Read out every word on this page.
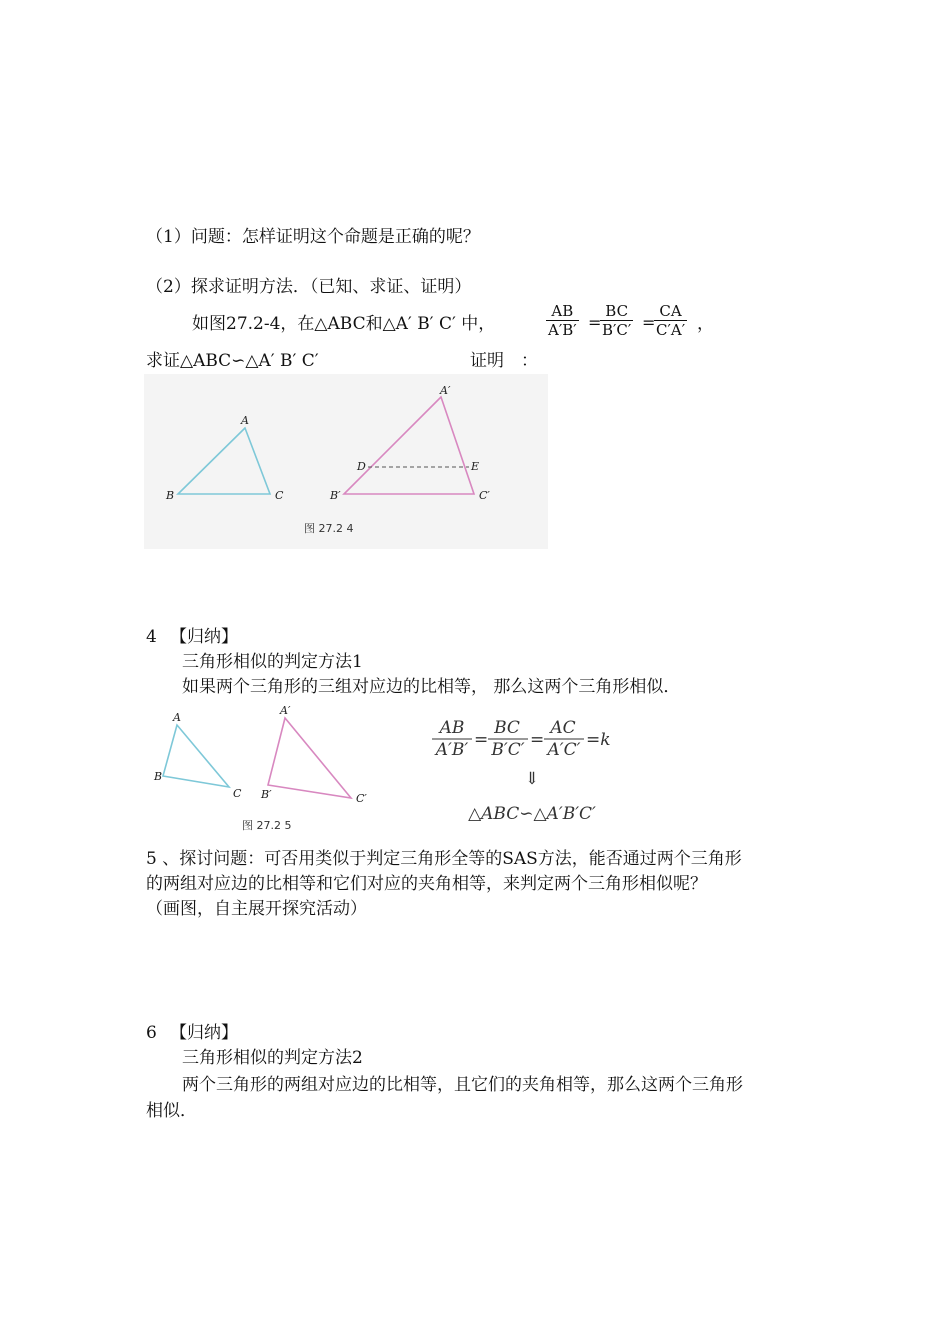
（1）问题：怎样证明这个命题是正确的呢？
（2）探求证明方法．（已知、求证、证明）
如图27.2-4，在△ABC和△A′ B′ C′ 中，	$\frac{AB}{A'B'}$ =
$\frac{BC}{B'C'}$ =
$\frac{CA}{C'A'}$ ，
求证△ABC∽△A′ B′ C′	证明　：
A
B	C
A′
B′	C′
D	E
图 27.2 4
4 【归纳】
三角形相似的判定方法1
如果两个三角形的三组对应边的比相等， 那么这两个三角形相似．
A
B
C
A′
B′	C′
图 27.2 5
AB
A′B′ =
BC
B′C′ =
AC
A′C′ =k
⇓
△ABC∽△A′B′C′
5 、探讨问题：可否用类似于判定三角形全等的SAS方法，能否通过两个三角形
的两组对应边的比相等和它们对应的夹角相等，来判定两个三角形相似呢？
（画图，自主展开探究活动）
6 【归纳】
三角形相似的判定方法2
两个三角形的两组对应边的比相等，且它们的夹角相等，那么这两个三角形
相似．
